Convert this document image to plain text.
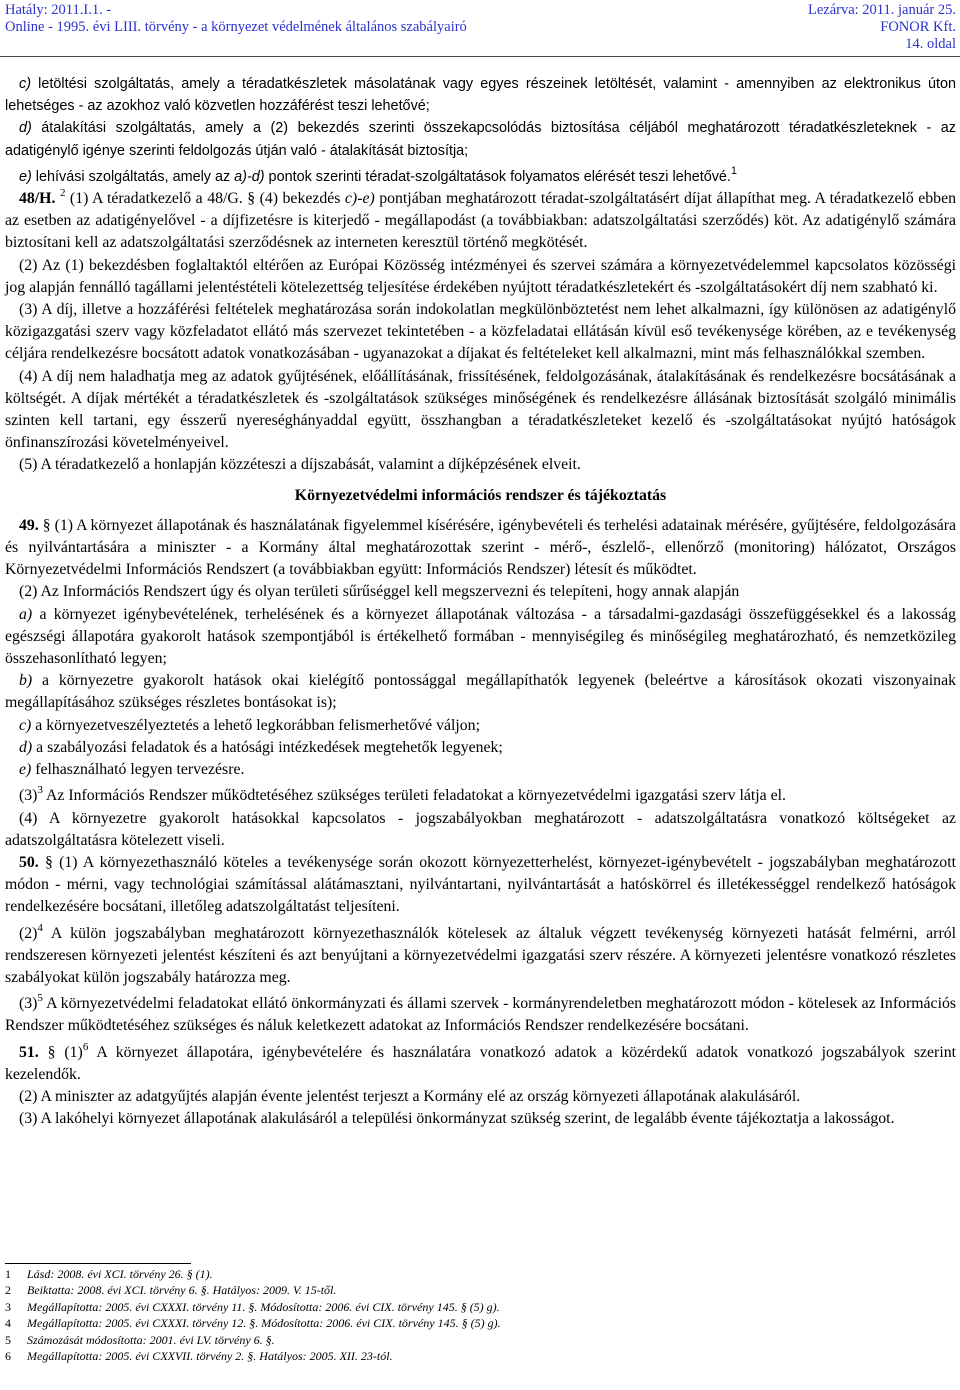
Hatály: 2011.I.1. -
Online - 1995. évi LIII. törvény - a környezet védelmének általános szabályairó
Lezárva: 2011. január 25.
FONOR Kft.
14. oldal

c) letöltési szolgáltatás, amely a téradatkészletek másolatának vagy egyes részeinek letöltését, valamint - amennyiben az elektronikus úton lehetséges - az azokhoz való közvetlen hozzáférést teszi lehetővé;

d) átalakítási szolgáltatás, amely a (2) bekezdés szerinti összekapcsolódás biztosítása céljából meghatározott téradatkészleteknek - az adatigénylő igénye szerinti feldolgozás útján való - átalakítását biztosítja;

e) lehívási szolgáltatás, amely az a)-d) pontok szerinti téradat-szolgáltatások folyamatos elérését teszi lehetővé.$^1$

48/H. $^2$ (1) A téradatkezelő a 48/G. § (4) bekezdés c)-e) pontjában meghatározott téradat-szolgáltatásért díjat állapíthat meg. A téradatkezelő ebben az esetben az adatigényelővel - a díjfizetésre is kiterjedő - megállapodást (a továbbiakban: adatszolgáltatási szerződés) köt. Az adatigénylő számára biztosítani kell az adatszolgáltatási szerződésnek az interneten keresztül történő megkötését.

(2) Az (1) bekezdésben foglaltaktól eltérően az Európai Közösség intézményei és szervei számára a környezetvédelemmel kapcsolatos közösségi jog alapján fennálló tagállami jelentéstételi kötelezettség teljesítése érdekében nyújtott téradatkészletekért és -szolgáltatásokért díj nem szabható ki.

(3) A díj, illetve a hozzáférési feltételek meghatározása során indokolatlan megkülönböztetést nem lehet alkalmazni, így különösen az adatigénylő közigazgatási szerv vagy közfeladatot ellátó más szervezet tekintetében - a közfeladatai ellátásán kívül eső tevékenysége körében, az e tevékenység céljára rendelkezésre bocsátott adatok vonatkozásában - ugyanazokat a díjakat és feltételeket kell alkalmazni, mint más felhasználókkal szemben.

(4) A díj nem haladhatja meg az adatok gyűjtésének, előállításának, frissítésének, feldolgozásának, átalakításának és rendelkezésre bocsátásának a költségét. A díjak mértékét a téradatkészletek és -szolgáltatások szükséges minőségének és rendelkezésre állásának biztosítását szolgáló minimális szinten kell tartani, egy ésszerű nyereséghányaddal együtt, összhangban a téradatkészleteket kezelő és -szolgáltatásokat nyújtó hatóságok önfinanszírozási követelményeivel.

(5) A téradatkezelő a honlapján közzéteszi a díjszabását, valamint a díjképzésének elveit.

Környezetvédelmi információs rendszer és tájékoztatás

49. § (1) A környezet állapotának és használatának figyelemmel kísérésére, igénybevételi és terhelési adatainak mérésére, gyűjtésére, feldolgozására és nyilvántartására a miniszter - a Kormány által meghatározottak szerint - mérő-, észlelő-, ellenőrző (monitoring) hálózatot, Országos Környezetvédelmi Információs Rendszert (a továbbiakban együtt: Információs Rendszer) létesít és működtet.

(2) Az Információs Rendszert úgy és olyan területi sűrűséggel kell megszervezni és telepíteni, hogy annak alapján

a) a környezet igénybevételének, terhelésének és a környezet állapotának változása - a társadalmi-gazdasági összefüggésekkel és a lakosság egészségi állapotára gyakorolt hatások szempontjából is értékelhető formában - mennyiségileg és minőségileg meghatározható, és nemzetközileg összehasonlítható legyen;

b) a környezetre gyakorolt hatások okai kielégítő pontossággal megállapíthatók legyenek (beleértve a károsítások okozati viszonyainak megállapításához szükséges részletes bontásokat is);

c) a környezetveszélyeztetés a lehető legkorábban felismerhetővé váljon;

d) a szabályozási feladatok és a hatósági intézkedések megtehetők legyenek;

e) felhasználható legyen tervezésre.

$(3)^3$ Az Információs Rendszer működtetéséhez szükséges területi feladatokat a környezetvédelmi igazgatási szerv látja el.

(4) A környezetre gyakorolt hatásokkal kapcsolatos - jogszabályokban meghatározott - adatszolgáltatásra vonatkozó költségeket az adatszolgáltatásra kötelezett viseli.

50. § (1) A környezethasználó köteles a tevékenysége során okozott környezetterhelést, környezet-igénybevételt - jogszabályban meghatározott módon - mérni, vagy technológiai számítással alátámasztani, nyilvántartani, nyilvántartását a hatóskörrel és illetékességgel rendelkező hatóságok rendelkezésére bocsátani, illetőleg adatszolgáltatást teljesíteni.

$(2)^4$ A külön jogszabályban meghatározott környezethasználók kötelesek az általuk végzett tevékenység környezeti hatását felmérni, arról rendszeresen környezeti jelentést készíteni és azt benyújtani a környezetvédelmi igazgatási szerv részére. A környezeti jelentésre vonatkozó részletes szabályokat külön jogszabály határozza meg.

$(3)^5$ A környezetvédelmi feladatokat ellátó önkormányzati és állami szervek - kormányrendeletben meghatározott módon - kötelesek az Információs Rendszer működtetéséhez szükséges és náluk keletkezett adatokat az Információs Rendszer rendelkezésére bocsátani.

51. § $(1)^6$ A környezet állapotára, igénybevételére és használatára vonatkozó adatok a közérdekű adatok vonatkozó jogszabályok szerint kezelendők.

(2) A miniszter az adatgyűjtés alapján évente jelentést terjeszt a Kormány elé az ország környezeti állapotának alakulásáról.

(3) A lakóhelyi környezet állapotának alakulásáról a települési önkormányzat szükség szerint, de legalább évente tájékoztatja a lakosságot.

1 Lásd: 2008. évi XCI. törvény 26. § (1).
2 Beiktatta: 2008. évi XCI. törvény 6. §. Hatályos: 2009. V. 15-től.
3 Megállapította: 2005. évi CXXXI. törvény 11. §. Módosította: 2006. évi CIX. törvény 145. § (5) g).
4 Megállapította: 2005. évi CXXXI. törvény 12. §. Módosította: 2006. évi CIX. törvény 145. § (5) g).
5 Számozását módosította: 2001. évi LV. törvény 6. §.
6 Megállapította: 2005. évi CXXVII. törvény 2. §. Hatályos: 2005. XII. 23-tól.
